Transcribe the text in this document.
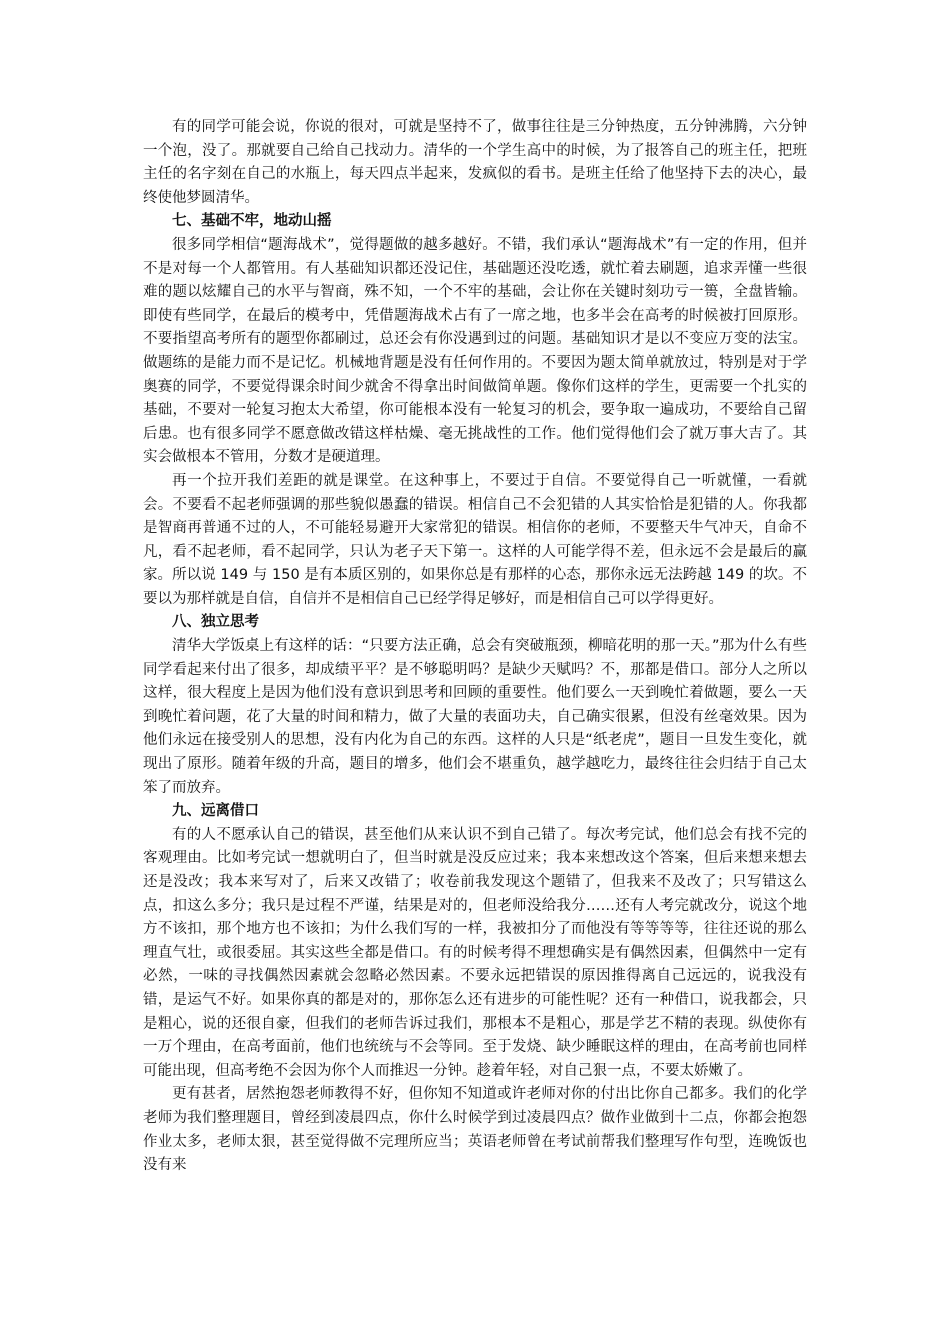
有的同学可能会说，你说的很对，可就是坚持不了，做事往往是三分钟热度，五分钟沸腾，六分钟一个泡，没了。那就要自己给自己找动力。清华的一个学生高中的时候，为了报答自己的班主任，把班主任的名字刻在自己的水瓶上，每天四点半起来，发疯似的看书。是班主任给了他坚持下去的决心，最终使他梦圆清华。

七、基础不牢，地动山摇

很多同学相信“题海战术”，觉得题做的越多越好。不错，我们承认“题海战术”有一定的作用，但并不是对每一个人都管用。有人基础知识都还没记住，基础题还没吃透，就忙着去刷题，追求弄懂一些很难的题以炫耀自己的水平与智商，殊不知，一个不牢的基础，会让你在关键时刻功亏一篑，全盘皆输。即使有些同学，在最后的模考中，凭借题海战术占有了一席之地，也多半会在高考的时候被打回原形。不要指望高考所有的题型你都刷过，总还会有你没遇到过的问题。基础知识才是以不变应万变的法宝。做题练的是能力而不是记忆。机械地背题是没有任何作用的。不要因为题太简单就放过，特别是对于学奥赛的同学，不要觉得课余时间少就舍不得拿出时间做简单题。像你们这样的学生，更需要一个扎实的基础，不要对一轮复习抱太大希望，你可能根本没有一轮复习的机会，要争取一遍成功，不要给自己留后患。也有很多同学不愿意做改错这样枯燥、毫无挑战性的工作。他们觉得他们会了就万事大吉了。其实会做根本不管用，分数才是硬道理。

再一个拉开我们差距的就是课堂。在这种事上，不要过于自信。不要觉得自己一听就懂，一看就会。不要看不起老师强调的那些貌似愚蠢的错误。相信自己不会犯错的人其实恰恰是犯错的人。你我都是智商再普通不过的人，不可能轻易避开大家常犯的错误。相信你的老师，不要整天牛气冲天，自命不凡，看不起老师，看不起同学，只认为老子天下第一。这样的人可能学得不差，但永远不会是最后的赢家。所以说 149 与 150 是有本质区别的，如果你总是有那样的心态，那你永远无法跨越 149 的坎。不要以为那样就是自信，自信并不是相信自己已经学得足够好，而是相信自己可以学得更好。

八、独立思考

清华大学饭桌上有这样的话：“只要方法正确，总会有突破瓶颈，柳暗花明的那一天。”那为什么有些同学看起来付出了很多，却成绩平平？是不够聪明吗？是缺少天赋吗？不，那都是借口。部分人之所以这样，很大程度上是因为他们没有意识到思考和回顾的重要性。他们要么一天到晚忙着做题，要么一天到晚忙着问题，花了大量的时间和精力，做了大量的表面功夫，自己确实很累，但没有丝毫效果。因为他们永远在接受别人的思想，没有内化为自己的东西。这样的人只是“纸老虎”，题目一旦发生变化，就现出了原形。随着年级的升高，题目的增多，他们会不堪重负，越学越吃力，最终往往会归结于自己太笨了而放弃。

九、远离借口

有的人不愿承认自己的错误，甚至他们从来认识不到自己错了。每次考完试，他们总会有找不完的客观理由。比如考完试一想就明白了，但当时就是没反应过来；我本来想改这个答案，但后来想来想去还是没改；我本来写对了，后来又改错了；收卷前我发现这个题错了，但我来不及改了；只写错这么点，扣这么多分；我只是过程不严谨，结果是对的，但老师没给我分……还有人考完就改分，说这个地方不该扣，那个地方也不该扣；为什么我们写的一样，我被扣分了而他没有等等等等，往往还说的那么理直气壮，或很委屈。其实这些全都是借口。有的时候考得不理想确实是有偶然因素，但偶然中一定有必然，一味的寻找偶然因素就会忽略必然因素。不要永远把错误的原因推得离自己远远的，说我没有错，是运气不好。如果你真的都是对的，那你怎么还有进步的可能性呢？还有一种借口，说我都会，只是粗心，说的还很自豪，但我们的老师告诉过我们，那根本不是粗心，那是学艺不精的表现。纵使你有一万个理由，在高考面前，他们也统统与不会等同。至于发烧、缺少睡眠这样的理由，在高考前也同样可能出现，但高考绝不会因为你个人而推迟一分钟。趁着年轻，对自己狠一点，不要太娇嫩了。

更有甚者，居然抱怨老师教得不好，但你知不知道或许老师对你的付出比你自己都多。我们的化学老师为我们整理题目，曾经到凌晨四点，你什么时候学到过凌晨四点？做作业做到十二点，你都会抱怨作业太多，老师太狠，甚至觉得做不完理所应当；英语老师曾在考试前帮我们整理写作句型，连晚饭也没有来
